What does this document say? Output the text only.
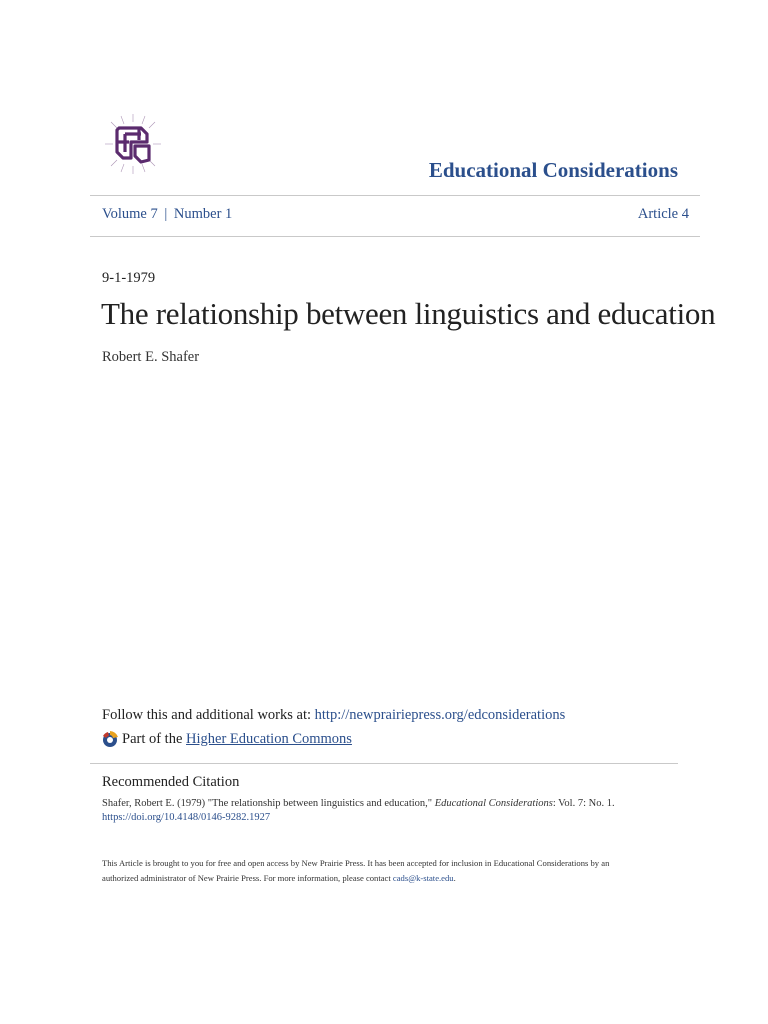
Educational Considerations
Volume 7 | Number 1	Article 4
9-1-1979
The relationship between linguistics and education
Robert E. Shafer
Follow this and additional works at: http://newprairiepress.org/edconsiderations
Part of the
Higher Education Commons
Recommended Citation
Shafer, Robert E. (1979) "The relationship between linguistics and education," Educational Considerations: Vol. 7: No. 1.
https://doi.org/10.4148/0146-9282.1927
This Article is brought to you for free and open access by New Prairie Press. It has been accepted for inclusion in Educational Considerations by an
authorized administrator of New Prairie Press. For more information, please contact cads@k-state.edu.
